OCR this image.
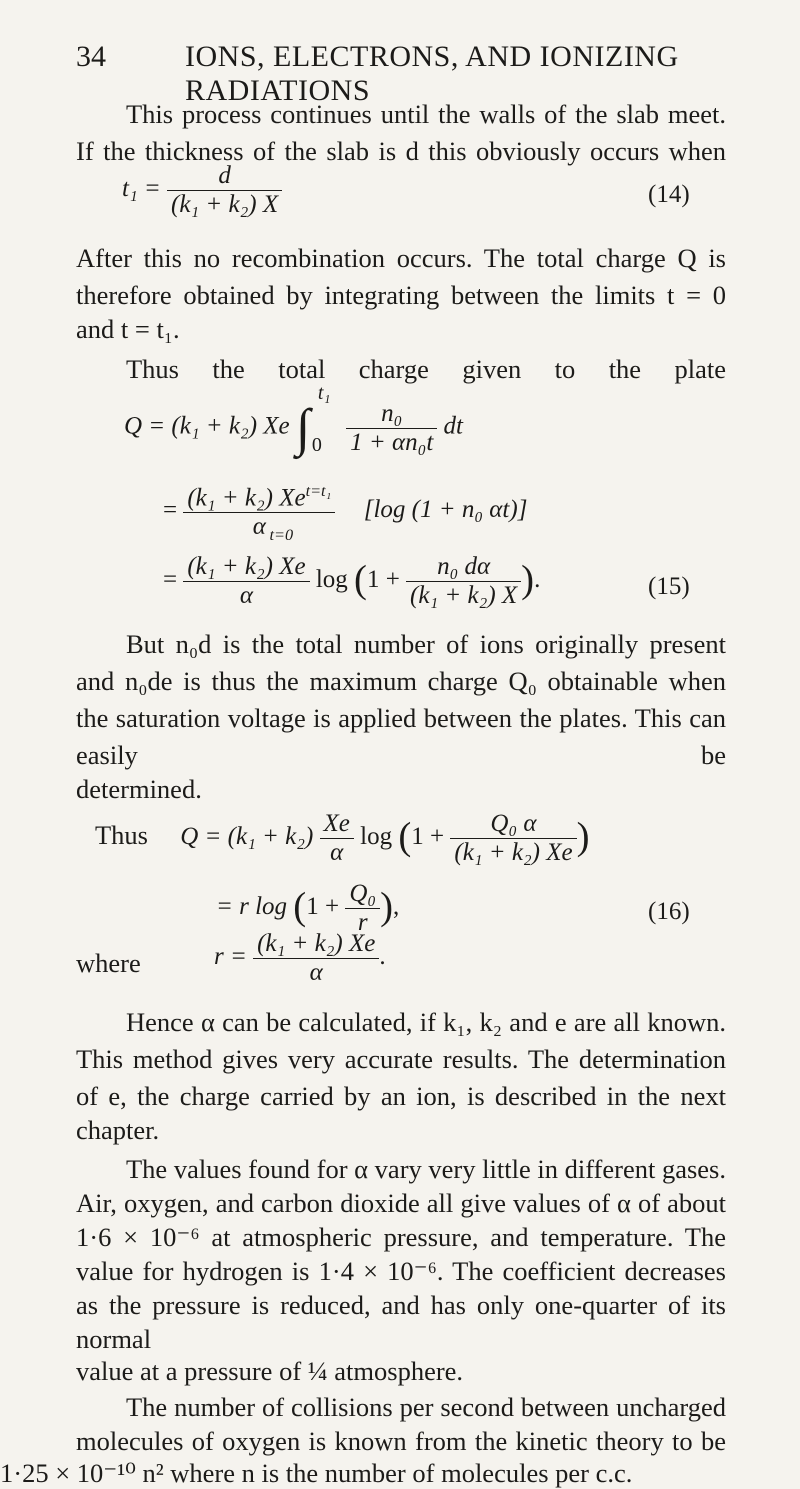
34	IONS, ELECTRONS, AND IONIZING RADIATIONS
This process continues until the walls of the slab meet. If the thickness of the slab is d this obviously occurs when
$t_1 = \frac{d}{\text{(k₁ + k₂) X}}$	(14)
After this no recombination occurs. The total charge Q is therefore obtained by integrating between the limits t = 0
and t = t₁.
Thus the total charge given to the plate
Q = (k₁ + k₂) Xe ∫
t₁
0
$\frac{\text{n₀}}{\text{1 + αn₀t}}$ dt
= $\frac{(k_1 + k_2) Xe^{t=t_1}}{\alpha}$
t=0 [log (1 + n₀ αt)]
= $\frac{\text{(k₁ + k₂) Xe}}{\alpha}$ $\log (1 + \frac{\text{n₀ dα}}{\text{(k₁ + k₂) X}}$ ).	(15)
But n₀d is the total number of ions originally present and n₀de is thus the maximum charge Q₀ obtainable when the saturation voltage is applied between the plates. This can easily be
determined.
Thus $Q = (k_1 + k_2) \frac{Xe}{\alpha}$ $\log (1 + \frac{\text{Q₀ α}}{\text{(k₁ + k₂) Xe}}$ )
= r $\log (1 + \frac{\text{Q₀}}{r}$ ),	(16)
where	$r = \frac{\text{(k₁ + k₂) Xe}}{\alpha}$ .
Hence α can be calculated, if k₁, k₂ and e are all known. This method gives very accurate results. The determination of e, the charge carried by an ion, is described in the next
chapter.
The values found for α vary very little in different gases. Air, oxygen, and carbon dioxide all give values of α of about 1·6 × 10⁻⁶ at atmospheric pressure, and temperature. The value for hydrogen is 1·4 × 10⁻⁶. The coefficient decreases as the pressure is reduced, and has only one-quarter of its normal
value at a pressure of ¼ atmosphere.
The number of collisions per second between uncharged molecules of oxygen is known from the kinetic theory to be
1·25 × 10⁻¹⁰ n² where n is the number of molecules per c.c.
